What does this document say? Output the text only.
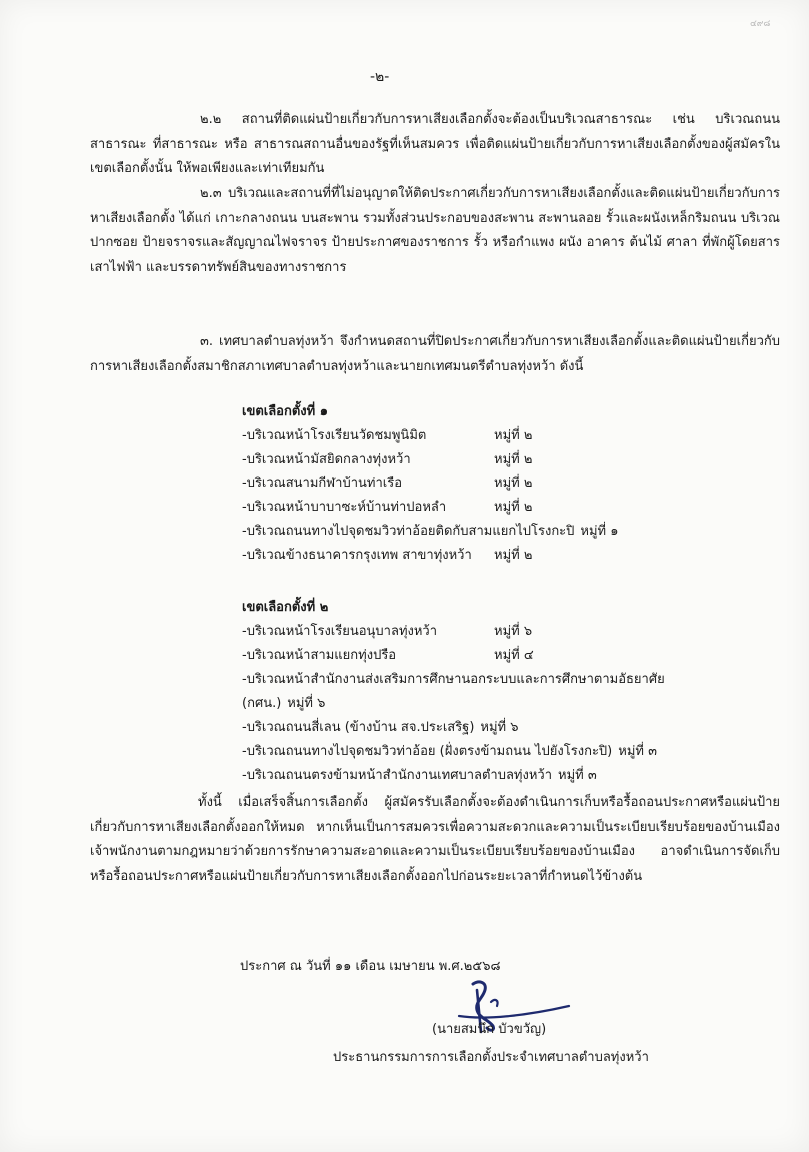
๔๙๘
-๒-

๒.๒ สถานที่ติดแผ่นป้ายเกี่ยวกับการหาเสียงเลือกตั้งจะต้องเป็นบริเวณสาธารณะ เช่น บริเวณถนนสาธารณะ ที่สาธารณะ หรือ สาธารณสถานอื่นของรัฐที่เห็นสมควร เพื่อติดแผ่นป้ายเกี่ยวกับการหาเสียงเลือกตั้งของผู้สมัครในเขตเลือกตั้งนั้น ให้พอเพียงและเท่าเทียมกัน

๒.๓ บริเวณและสถานที่ที่ไม่อนุญาตให้ติดประกาศเกี่ยวกับการหาเสียงเลือกตั้งและติดแผ่นป้ายเกี่ยวกับการหาเสียงเลือกตั้ง ได้แก่ เกาะกลางถนน บนสะพาน รวมทั้งส่วนประกอบของสะพาน สะพานลอย รั้วและผนังเหล็กริมถนน บริเวณปากซอย ป้ายจราจรและสัญญาณไฟจราจร ป้ายประกาศของราชการ รั้ว หรือกำแพง ผนัง อาคาร ต้นไม้ ศาลา ที่พักผู้โดยสาร เสาไฟฟ้า และบรรดาทรัพย์สินของทางราชการ

๓. เทศบาลตำบลทุ่งหว้า จึงกำหนดสถานที่ปิดประกาศเกี่ยวกับการหาเสียงเลือกตั้งและติดแผ่นป้ายเกี่ยวกับการหาเสียงเลือกตั้งสมาชิกสภาเทศบาลตำบลทุ่งหว้าและนายกเทศมนตรีตำบลทุ่งหว้า ดังนี้

เขตเลือกตั้งที่ ๑

-บริเวณหน้าโรงเรียนวัดชมพูนิมิต	หมู่ที่ ๒
-บริเวณหน้ามัสยิดกลางทุ่งหว้า	หมู่ที่ ๒
-บริเวณสนามกีฬาบ้านท่าเรือ	หมู่ที่ ๒
-บริเวณหน้าบาบาซะห์บ้านท่าปอหลำ	หมู่ที่ ๒
-บริเวณถนนทางไปจุดชมวิวท่าอ้อยติดกับสามแยกไปโรงกะปิ หมู่ที่ ๑
-บริเวณข้างธนาคารกรุงเทพ สาขาทุ่งหว้า หมู่ที่ ๒

เขตเลือกตั้งที่ ๒

-บริเวณหน้าโรงเรียนอนุบาลทุ่งหว้า	หมู่ที่ ๖
-บริเวณหน้าสามแยกทุ่งปรือ	หมู่ที่ ๔
-บริเวณหน้าสำนักงานส่งเสริมการศึกษานอกระบบและการศึกษาตามอัธยาศัย (กศน.) หมู่ที่ ๖
-บริเวณถนนสี่เลน (ข้างบ้าน สจ.ประเสริฐ) หมู่ที่ ๖
-บริเวณถนนทางไปจุดชมวิวท่าอ้อย (ฝั่งตรงข้ามถนน ไปยังโรงกะปิ) หมู่ที่ ๓
-บริเวณถนนตรงข้ามหน้าสำนักงานเทศบาลตำบลทุ่งหว้า หมู่ที่ ๓

ทั้งนี้ เมื่อเสร็จสิ้นการเลือกตั้ง ผู้สมัครรับเลือกตั้งจะต้องดำเนินการเก็บหรือรื้อถอนประกาศหรือแผ่นป้ายเกี่ยวกับการหาเสียงเลือกตั้งออกให้หมด หากเห็นเป็นการสมควรเพื่อความสะดวกและความเป็นระเบียบเรียบร้อยของบ้านเมือง เจ้าพนักงานตามกฎหมายว่าด้วยการรักษาความสะอาดและความเป็นระเบียบเรียบร้อยของบ้านเมือง อาจดำเนินการจัดเก็บหรือรื้อถอนประกาศหรือแผ่นป้ายเกี่ยวกับการหาเสียงเลือกตั้งออกไปก่อนระยะเวลาที่กำหนดไว้ข้างต้น

ประกาศ ณ วันที่ ๑๑ เดือน เมษายน พ.ศ.๒๕๖๘
(นายสมนึก บัวขวัญ)
ประธานกรรมการการเลือกตั้งประจำเทศบาลตำบลทุ่งหว้า
